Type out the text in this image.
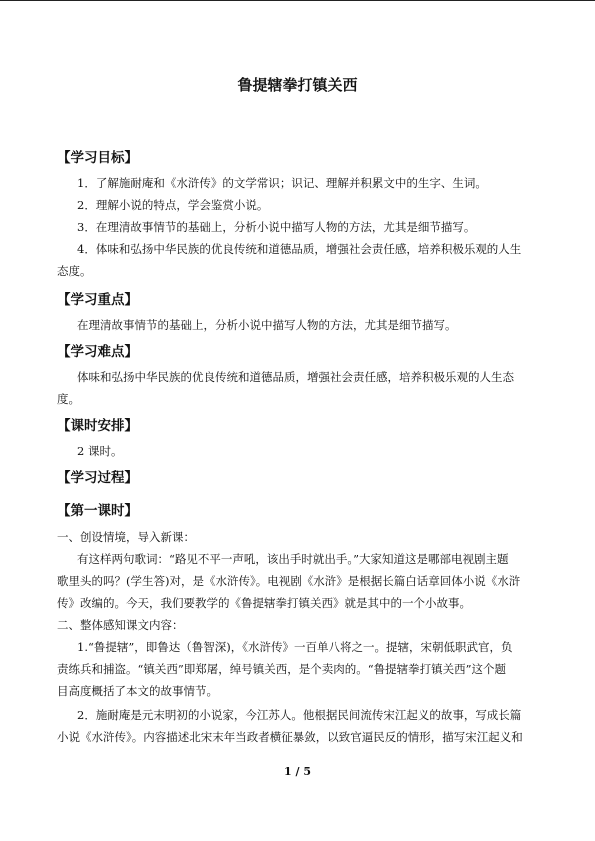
鲁提辖拳打镇关西
【学习目标】
1．了解施耐庵和《水浒传》的文学常识；识记、理解并积累文中的生字、生词。
2．理解小说的特点，学会鉴赏小说。
3．在理清故事情节的基础上，分析小说中描写人物的方法，尤其是细节描写。
4．体味和弘扬中华民族的优良传统和道德品质，增强社会责任感，培养积极乐观的人生
态度。
【学习重点】
在理清故事情节的基础上，分析小说中描写人物的方法，尤其是细节描写。
【学习难点】
体味和弘扬中华民族的优良传统和道德品质，增强社会责任感，培养积极乐观的人生态
度。
【课时安排】
2 课时。
【学习过程】
【第一课时】
一、创设情境，导入新课：
有这样两句歌词：“路见不平一声吼，该出手时就出手。”大家知道这是哪部电视剧主题
歌里头的吗？(学生答)对，是《水浒传》。电视剧《水浒》是根据长篇白话章回体小说《水浒
传》改编的。今天，我们要教学的《鲁提辖拳打镇关西》就是其中的一个小故事。
二、整体感知课文内容：
1.“鲁提辖”，即鲁达（鲁智深)，《水浒传》一百单八将之一。提辖，宋朝低职武官，负
责练兵和捕盗。“镇关西”即郑屠，绰号镇关西，是个卖肉的。“鲁提辖拳打镇关西”这个题
目高度概括了本文的故事情节。
2．施耐庵是元末明初的小说家，今江苏人。他根据民间流传宋江起义的故事，写成长篇
小说《水浒传》。内容描述北宋末年当政者横征暴敛，以致官逼民反的情形，描写宋江起义和
1 / 5
